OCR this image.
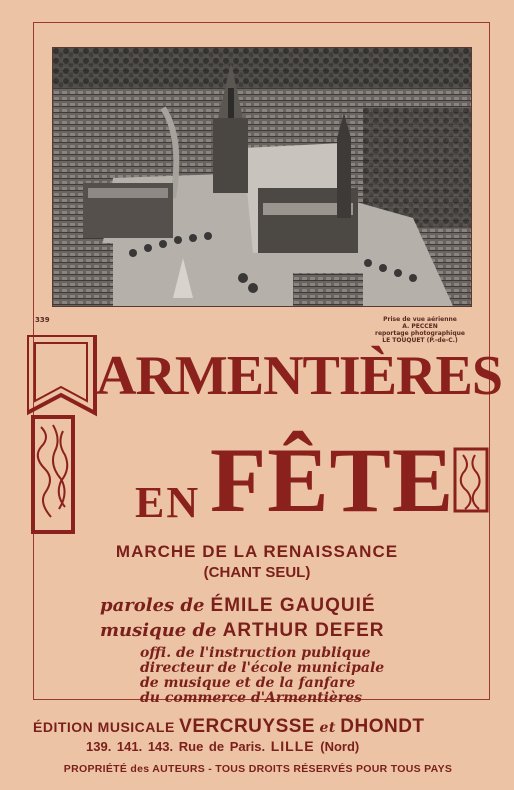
339	Prise de vue aérienne
A. PECCEN
reportage photographique
LE TOUQUET (P.-de-C.)
ARMENTIÈRES
EN FÊTE
MARCHE DE LA RENAISSANCE
(CHANT SEUL)
paroles de ÉMILE GAUQUIÉ
musique de ARTHUR DEFER
offi. de l'instruction publique
directeur de l'école municipale
de musique et de la fanfare
du commerce d'Armentières
ÉDITION MUSICALE VERCRUYSSE et DHONDT
139. 141. 143. Rue de Paris. LILLE (Nord)
PROPRIÉTÉ des AUTEURS - TOUS DROITS RÉSERVÉS POUR TOUS PAYS
